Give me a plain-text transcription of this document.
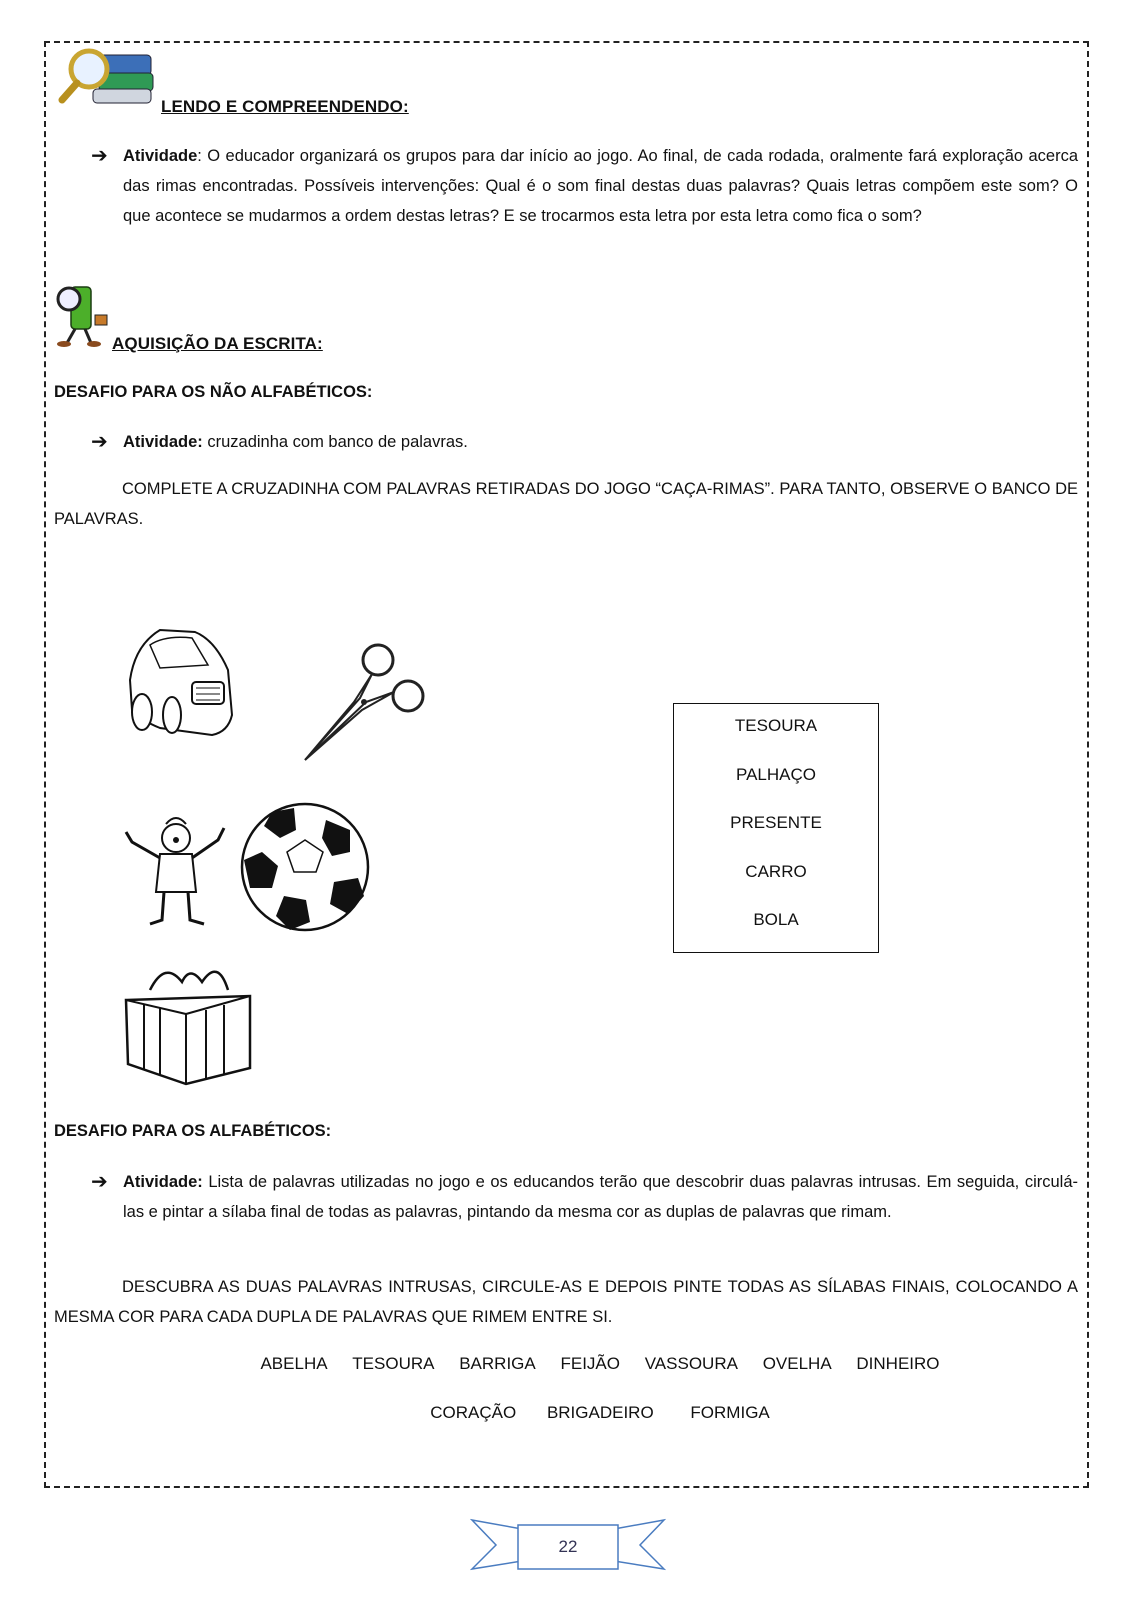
LENDO E COMPREENDENDO:
➔ Atividade: O educador organizará os grupos para dar início ao jogo. Ao final, de cada rodada, oralmente fará exploração acerca das rimas encontradas. Possíveis intervenções: Qual é o som final destas duas palavras? Quais letras compõem este som? O que acontece se mudarmos a ordem destas letras? E se trocarmos esta letra por esta letra como fica o som?
AQUISIÇÃO DA ESCRITA:
DESAFIO PARA OS NÃO ALFABÉTICOS:
➔ Atividade: cruzadinha com banco de palavras.
COMPLETE A CRUZADINHA COM PALAVRAS RETIRADAS DO JOGO “CAÇA-RIMAS”. PARA TANTO, OBSERVE O BANCO DE PALAVRAS.
TESOURA
PALHAÇO
PRESENTE
CARRO
BOLA
DESAFIO PARA OS ALFABÉTICOS:
➔ Atividade: Lista de palavras utilizadas no jogo e os educandos terão que descobrir duas palavras intrusas. Em seguida, circulá-las e pintar a sílaba final de todas as palavras, pintando da mesma cor as duplas de palavras que rimam.
DESCUBRA AS DUAS PALAVRAS INTRUSAS, CIRCULE-AS E DEPOIS PINTE TODAS AS SÍLABAS FINAIS, COLOCANDO A MESMA COR PARA CADA DUPLA DE PALAVRAS QUE RIMEM ENTRE SI.
ABELHA TESOURA BARRIGA FEIJÃO VASSOURA OVELHA DINHEIRO
CORAÇÃO BRIGADEIRO FORMIGA
22
